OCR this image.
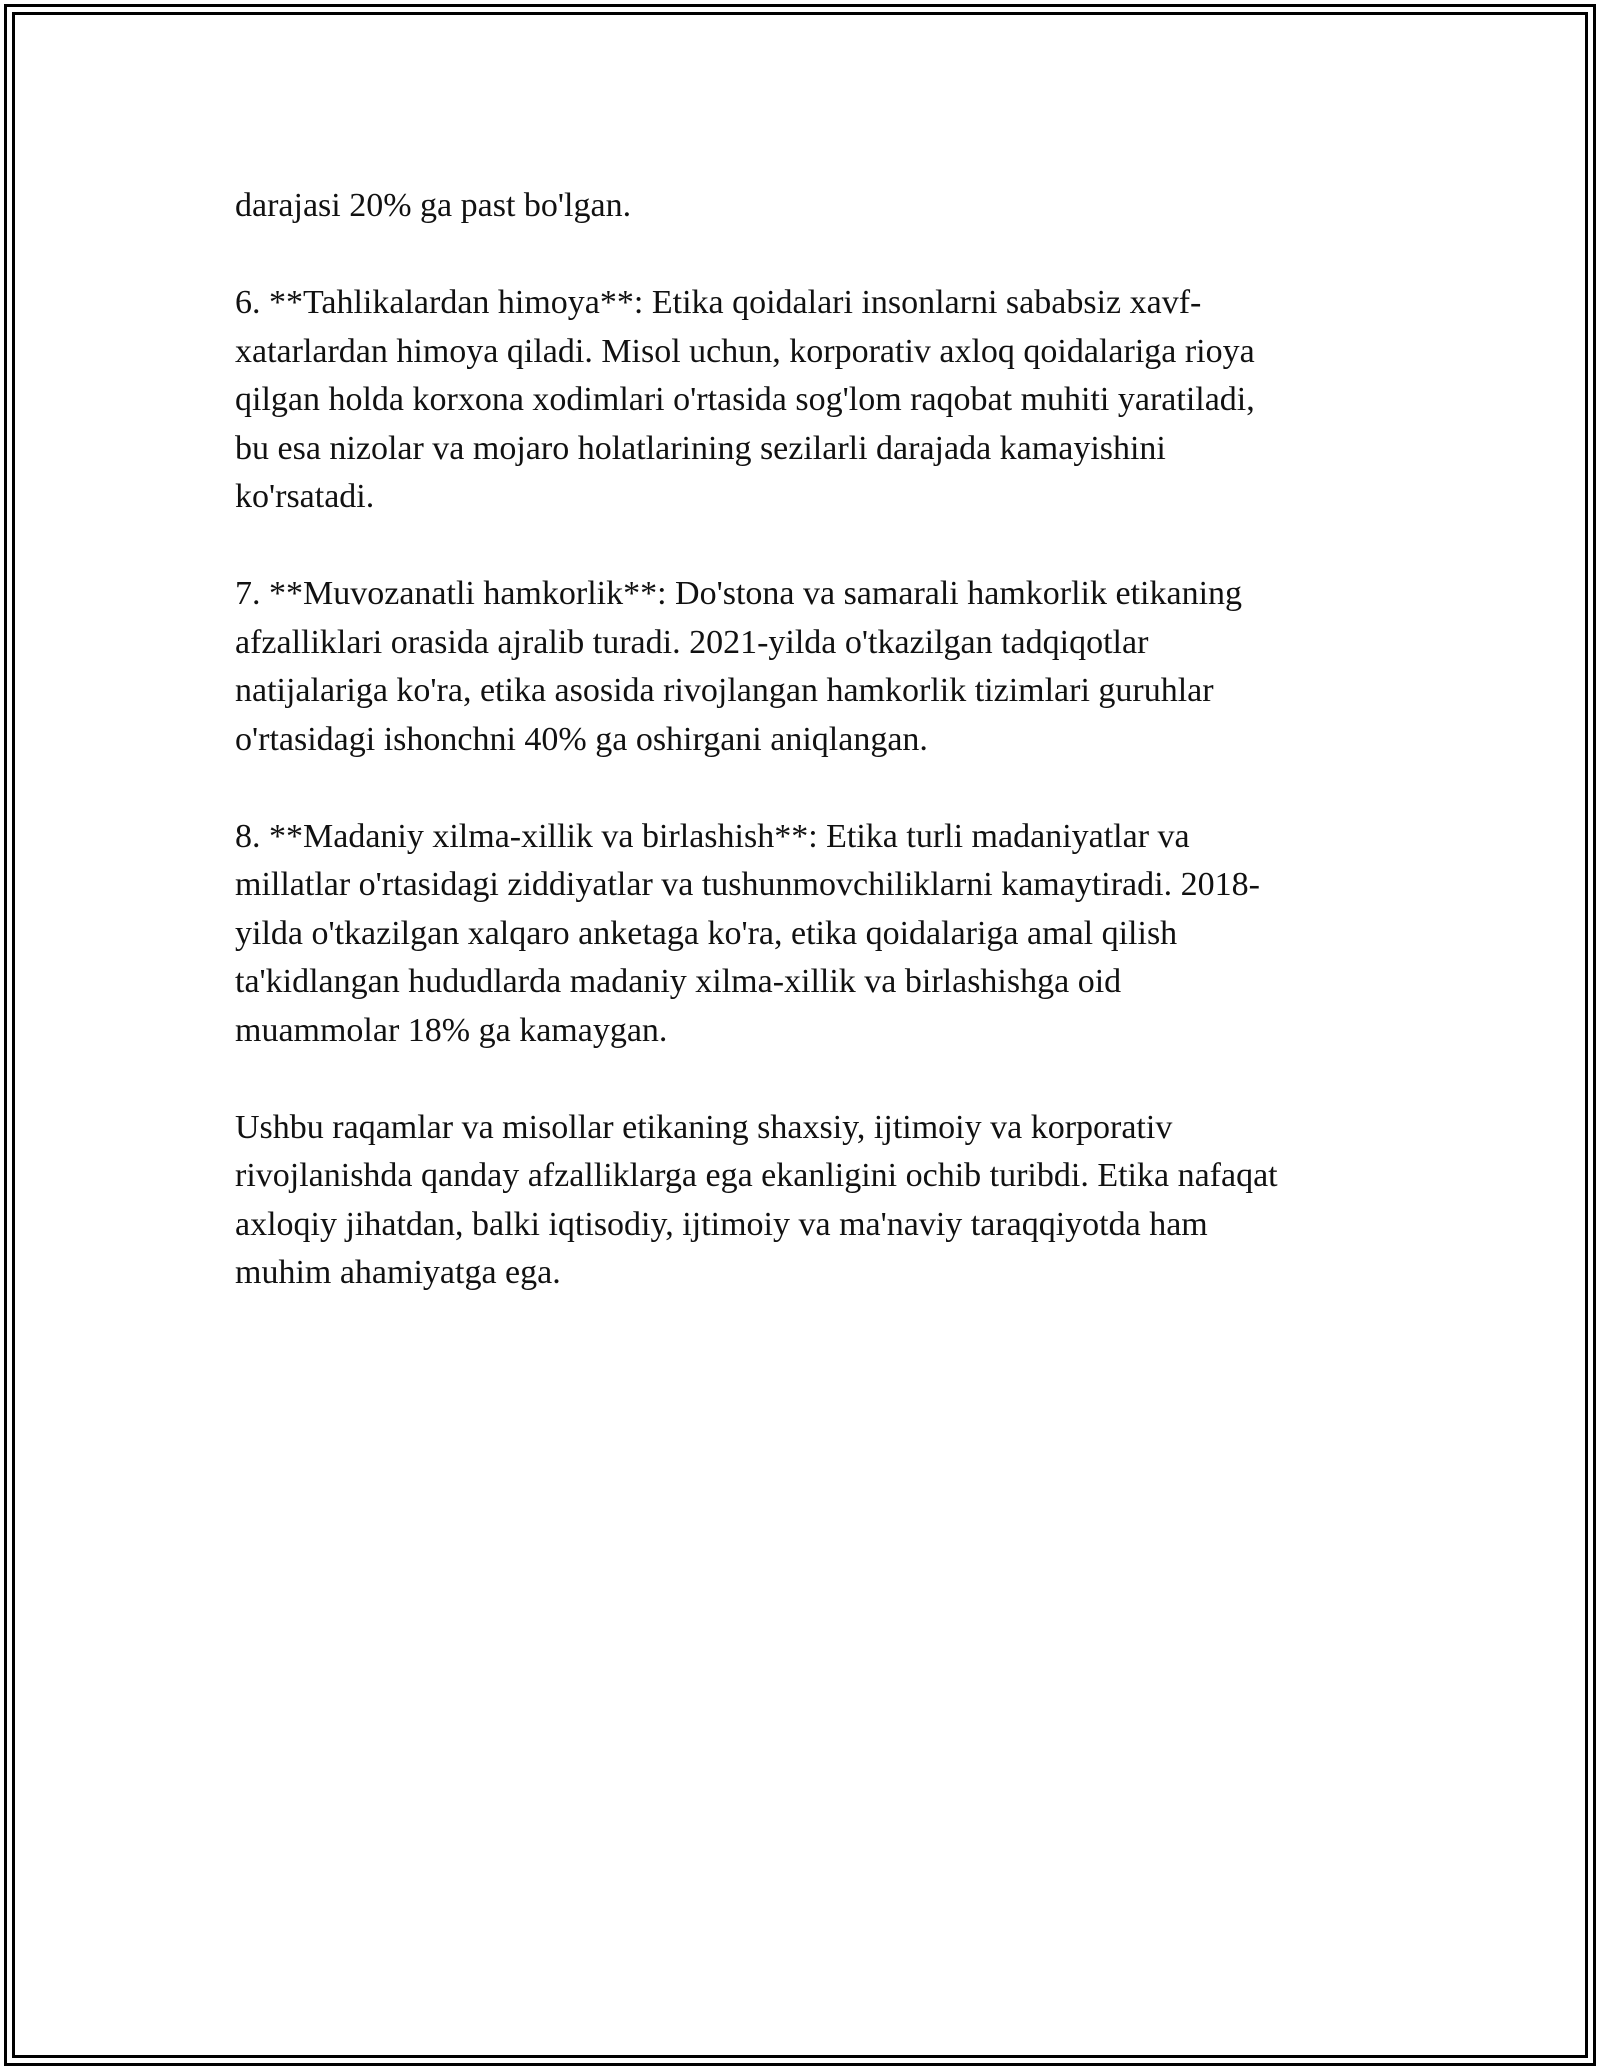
darajasi 20% ga past bo'lgan.

6. **Tahlikalardan himoya**: Etika qoidalari insonlarni sababsiz xavf-
xatarlardan himoya qiladi. Misol uchun, korporativ axloq qoidalariga rioya
qilgan holda korxona xodimlari o'rtasida sog'lom raqobat muhiti yaratiladi,
bu esa nizolar va mojaro holatlarining sezilarli darajada kamayishini
ko'rsatadi.

7. **Muvozanatli hamkorlik**: Do'stona va samarali hamkorlik etikaning
afzalliklari orasida ajralib turadi. 2021-yilda o'tkazilgan tadqiqotlar
natijalariga ko'ra, etika asosida rivojlangan hamkorlik tizimlari guruhlar
o'rtasidagi ishonchni 40% ga oshirgani aniqlangan.

8. **Madaniy xilma-xillik va birlashish**: Etika turli madaniyatlar va
millatlar o'rtasidagi ziddiyatlar va tushunmovchiliklarni kamaytiradi. 2018-
yilda o'tkazilgan xalqaro anketaga ko'ra, etika qoidalariga amal qilish
ta'kidlangan hududlarda madaniy xilma-xillik va birlashishga oid
muammolar 18% ga kamaygan.

Ushbu raqamlar va misollar etikaning shaxsiy, ijtimoiy va korporativ
rivojlanishda qanday afzalliklarga ega ekanligini ochib turibdi. Etika nafaqat
axloqiy jihatdan, balki iqtisodiy, ijtimoiy va ma'naviy taraqqiyotda ham
muhim ahamiyatga ega.
